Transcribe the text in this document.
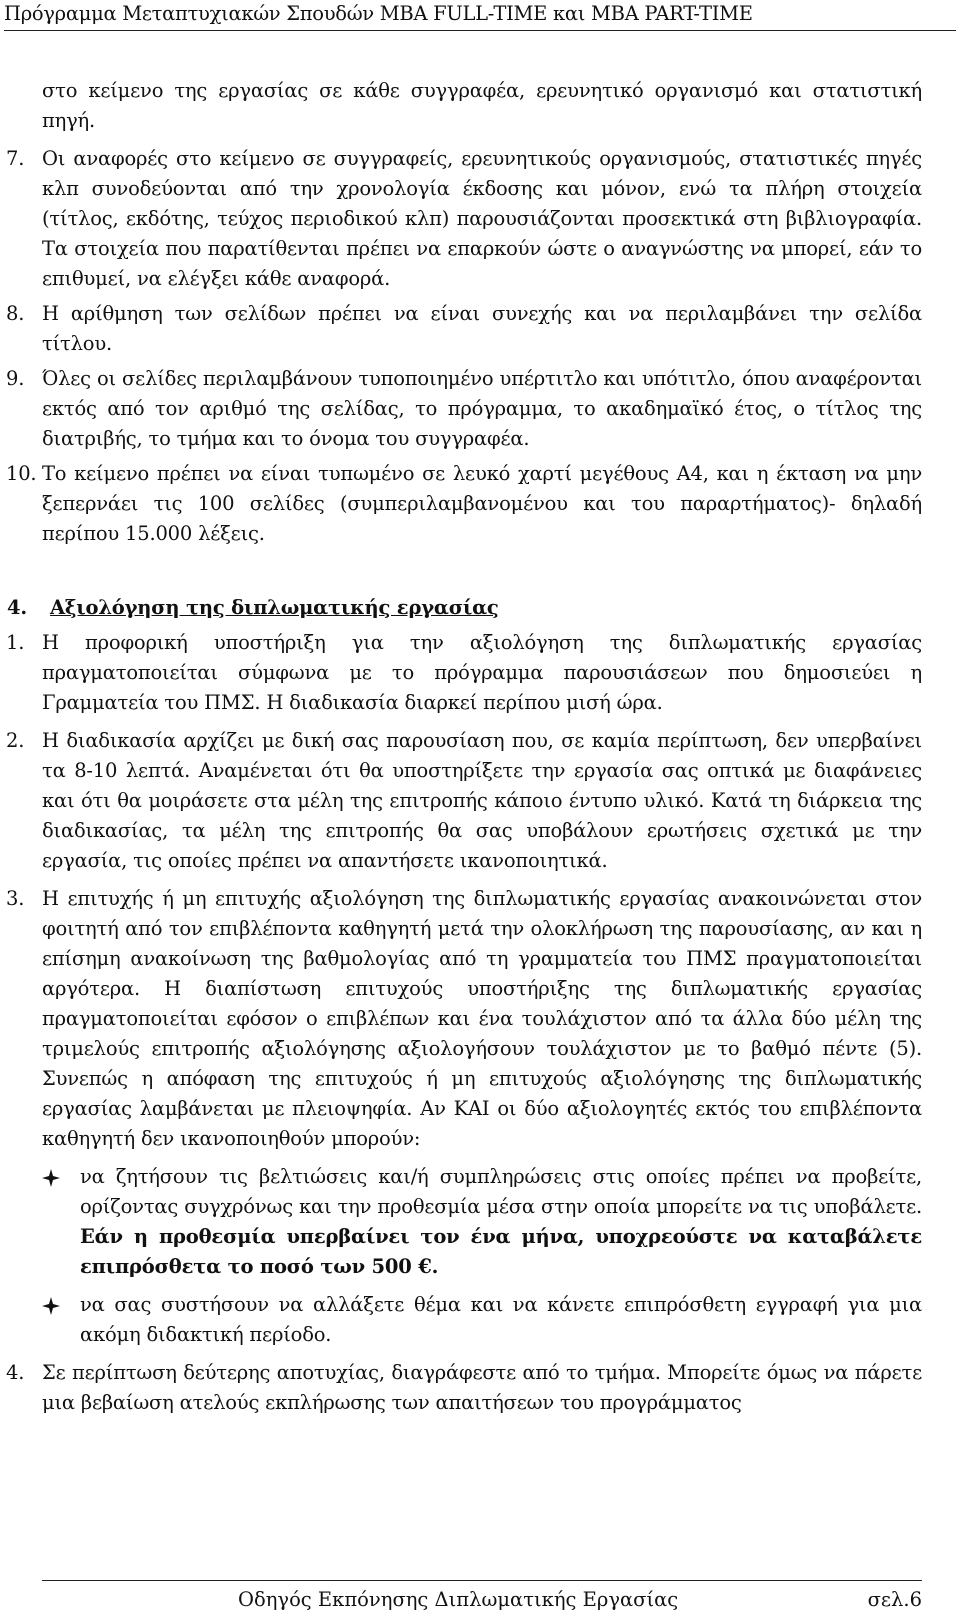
Πρόγραμμα Μεταπτυχιακών Σπουδών MBA FULL-TIME και MBA PART-TIME

στο κείμενο της εργασίας σε κάθε συγγραφέα, ερευνητικό οργανισμό και στατιστική πηγή.

7. Οι αναφορές στο κείμενο σε συγγραφείς, ερευνητικούς οργανισμούς, στατιστικές πηγές κλπ συνοδεύονται από την χρονολογία έκδοσης και μόνον, ενώ τα πλήρη στοιχεία (τίτλος, εκδότης, τεύχος περιοδικού κλπ) παρουσιάζονται προσεκτικά στη βιβλιογραφία. Τα στοιχεία που παρατίθενται πρέπει να επαρκούν ώστε ο αναγνώστης να μπορεί, εάν το επιθυμεί, να ελέγξει κάθε αναφορά.

8. Η αρίθμηση των σελίδων πρέπει να είναι συνεχής και να περιλαμβάνει την σελίδα τίτλου.

9. Όλες οι σελίδες περιλαμβάνουν τυποποιημένο υπέρτιτλο και υπότιτλο, όπου αναφέρονται εκτός από τον αριθμό της σελίδας, το πρόγραμμα, το ακαδημαϊκό έτος, ο τίτλος της διατριβής, το τμήμα και το όνομα του συγγραφέα.

10. Το κείμενο πρέπει να είναι τυπωμένο σε λευκό χαρτί μεγέθους Α4, και η έκταση να μην ξεπερνάει τις 100 σελίδες (συμπεριλαμβανομένου και του παραρτήματος)- δηλαδή περίπου 15.000 λέξεις.

4. Αξιολόγηση της διπλωματικής εργασίας
1. Η προφορική υποστήριξη για την αξιολόγηση της διπλωματικής εργασίας πραγματοποιείται σύμφωνα με το πρόγραμμα παρουσιάσεων που δημοσιεύει η Γραμματεία του ΠΜΣ. Η διαδικασία διαρκεί περίπου μισή ώρα.

2. Η διαδικασία αρχίζει με δική σας παρουσίαση που, σε καμία περίπτωση, δεν υπερβαίνει τα 8-10 λεπτά. Αναμένεται ότι θα υποστηρίξετε την εργασία σας οπτικά με διαφάνειες και ότι θα μοιράσετε στα μέλη της επιτροπής κάποιο έντυπο υλικό. Κατά τη διάρκεια της διαδικασίας, τα μέλη της επιτροπής θα σας υποβάλουν ερωτήσεις σχετικά με την εργασία, τις οποίες πρέπει να απαντήσετε ικανοποιητικά.

3. Η επιτυχής ή μη επιτυχής αξιολόγηση της διπλωματικής εργασίας ανακοινώνεται στον φοιτητή από τον επιβλέποντα καθηγητή μετά την ολοκλήρωση της παρουσίασης, αν και η επίσημη ανακοίνωση της βαθμολογίας από τη γραμματεία του ΠΜΣ πραγματοποιείται αργότερα. Η διαπίστωση επιτυχούς υποστήριξης της διπλωματικής εργασίας πραγματοποιείται εφόσον ο επιβλέπων και ένα τουλάχιστον από τα άλλα δύο μέλη της τριμελούς επιτροπής αξιολόγησης αξιολογήσουν τουλάχιστον με το βαθμό πέντε (5). Συνεπώς η απόφαση της επιτυχούς ή μη επιτυχούς αξιολόγησης της διπλωματικής εργασίας λαμβάνεται με πλειοψηφία. Αν ΚΑΙ οι δύο αξιολογητές εκτός του επιβλέποντα καθηγητή δεν ικανοποιηθούν μπορούν:

να ζητήσουν τις βελτιώσεις και/ή συμπληρώσεις στις οποίες πρέπει να προβείτε, ορίζοντας συγχρόνως και την προθεσμία μέσα στην οποία μπορείτε να τις υποβάλετε. Εάν η προθεσμία υπερβαίνει τον ένα μήνα, υποχρεούστε να καταβάλετε επιπρόσθετα το ποσό των 500 €.

να σας συστήσουν να αλλάξετε θέμα και να κάνετε επιπρόσθετη εγγραφή για μια ακόμη διδακτική περίοδο.

4. Σε περίπτωση δεύτερης αποτυχίας, διαγράφεστε από το τμήμα. Μπορείτε όμως να πάρετε μια βεβαίωση ατελούς εκπλήρωσης των απαιτήσεων του προγράμματος

Οδηγός Εκπόνησης Διπλωματικής Εργασίας	σελ.6
